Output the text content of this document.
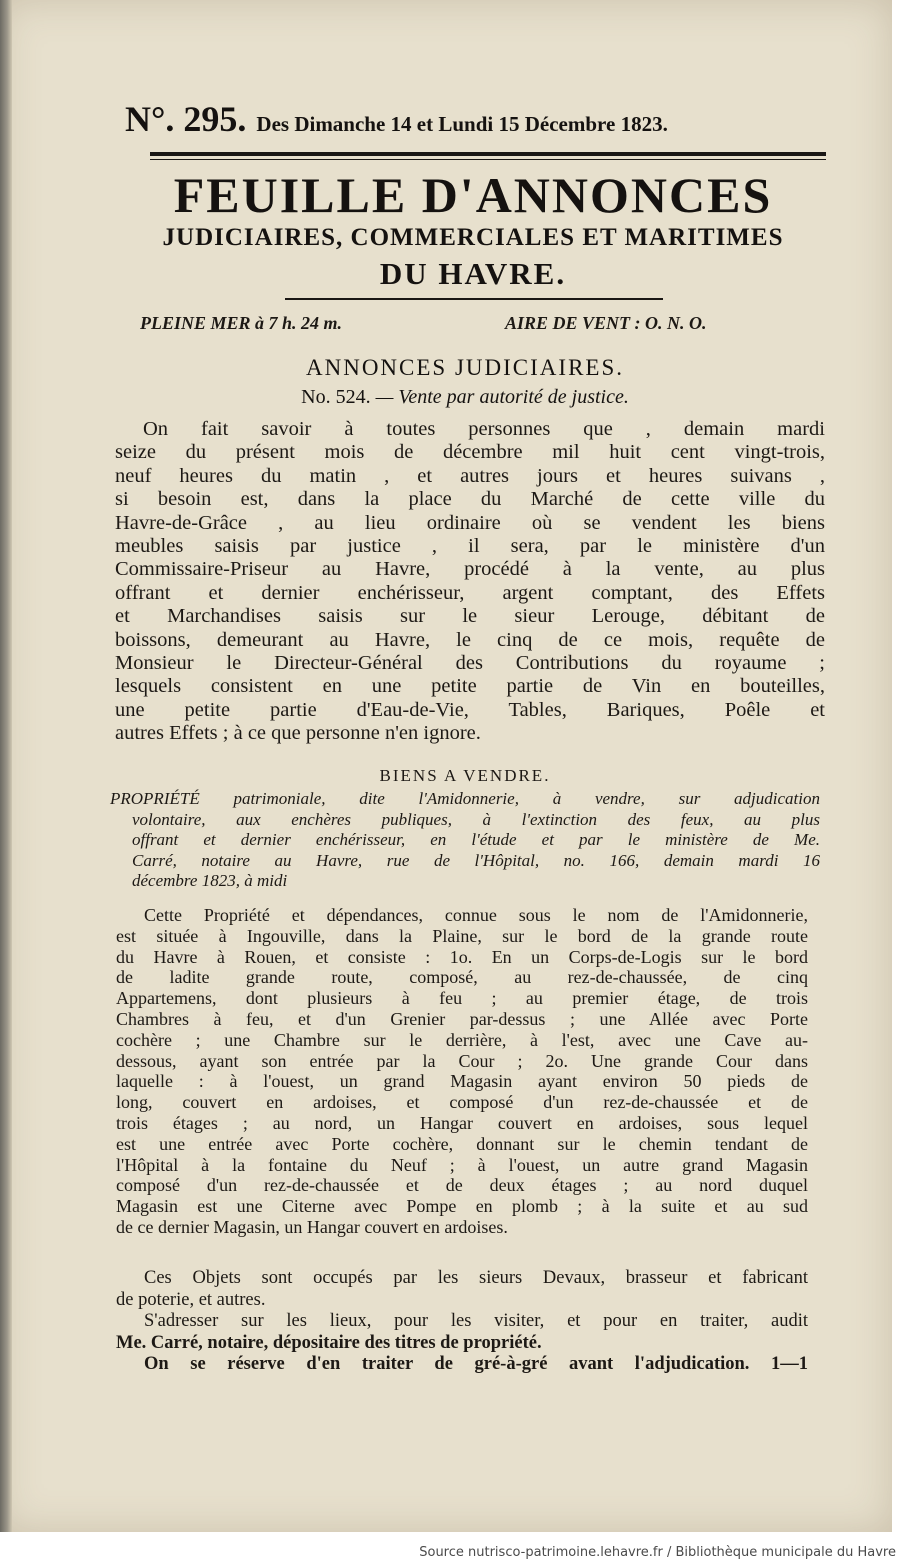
N°. 295. Des Dimanche 14 et Lundi 15 Décembre 1823.
FEUILLE D'ANNONCES
JUDICIAIRES, COMMERCIALES ET MARITIMES
DU HAVRE.
PLEINE MER à 7 h. 24 m.	AIRE DE VENT : O. N. O.
ANNONCES JUDICIAIRES.
No. 524. — Vente par autorité de justice.
On fait savoir à toutes personnes que , demain mardi
seize du présent mois de décembre mil huit cent vingt-trois,
neuf heures du matin , et autres jours et heures suivans ,
si besoin est, dans la place du Marché de cette ville du
Havre-de-Grâce , au lieu ordinaire où se vendent les biens
meubles saisis par justice , il sera, par le ministère d'un
Commissaire-Priseur au Havre, procédé à la vente, au plus
offrant et dernier enchérisseur, argent comptant, des Effets
et Marchandises saisis sur le sieur Lerouge, débitant de
boissons, demeurant au Havre, le cinq de ce mois, requête de
Monsieur le Directeur-Général des Contributions du royaume ;
lesquels consistent en une petite partie de Vin en bouteilles,
une petite partie d'Eau-de-Vie, Tables, Bariques, Poêle et
autres Effets ; à ce que personne n'en ignore.
BIENS A VENDRE.
PROPRIÉTÉ patrimoniale, dite l'Amidonnerie, à vendre, sur adjudication
volontaire, aux enchères publiques, à l'extinction des feux, au plus
offrant et dernier enchérisseur, en l'étude et par le ministère de Me.
Carré, notaire au Havre, rue de l'Hôpital, no. 166, demain mardi 16
décembre 1823, à midi
Cette Propriété et dépendances, connue sous le nom de l'Amidonnerie,
est située à Ingouville, dans la Plaine, sur le bord de la grande route
du Havre à Rouen, et consiste : 1o. En un Corps-de-Logis sur le bord
de ladite grande route, composé, au rez-de-chaussée, de cinq
Appartemens, dont plusieurs à feu ; au premier étage, de trois
Chambres à feu, et d'un Grenier par-dessus ; une Allée avec Porte
cochère ; une Chambre sur le derrière, à l'est, avec une Cave au-
dessous, ayant son entrée par la Cour ; 2o. Une grande Cour dans
laquelle : à l'ouest, un grand Magasin ayant environ 50 pieds de
long, couvert en ardoises, et composé d'un rez-de-chaussée et de
trois étages ; au nord, un Hangar couvert en ardoises, sous lequel
est une entrée avec Porte cochère, donnant sur le chemin tendant de
l'Hôpital à la fontaine du Neuf ; à l'ouest, un autre grand Magasin
composé d'un rez-de-chaussée et de deux étages ; au nord duquel
Magasin est une Citerne avec Pompe en plomb ; à la suite et au sud
de ce dernier Magasin, un Hangar couvert en ardoises.
Ces Objets sont occupés par les sieurs Devaux, brasseur et fabricant
de poterie, et autres.
S'adresser sur les lieux, pour les visiter, et pour en traiter, audit
Me. Carré, notaire, dépositaire des titres de propriété.
On se réserve d'en traiter de gré-à-gré avant l'adjudication. 1—1
Source nutrisco-patrimoine.lehavre.fr / Bibliothèque municipale du Havre
